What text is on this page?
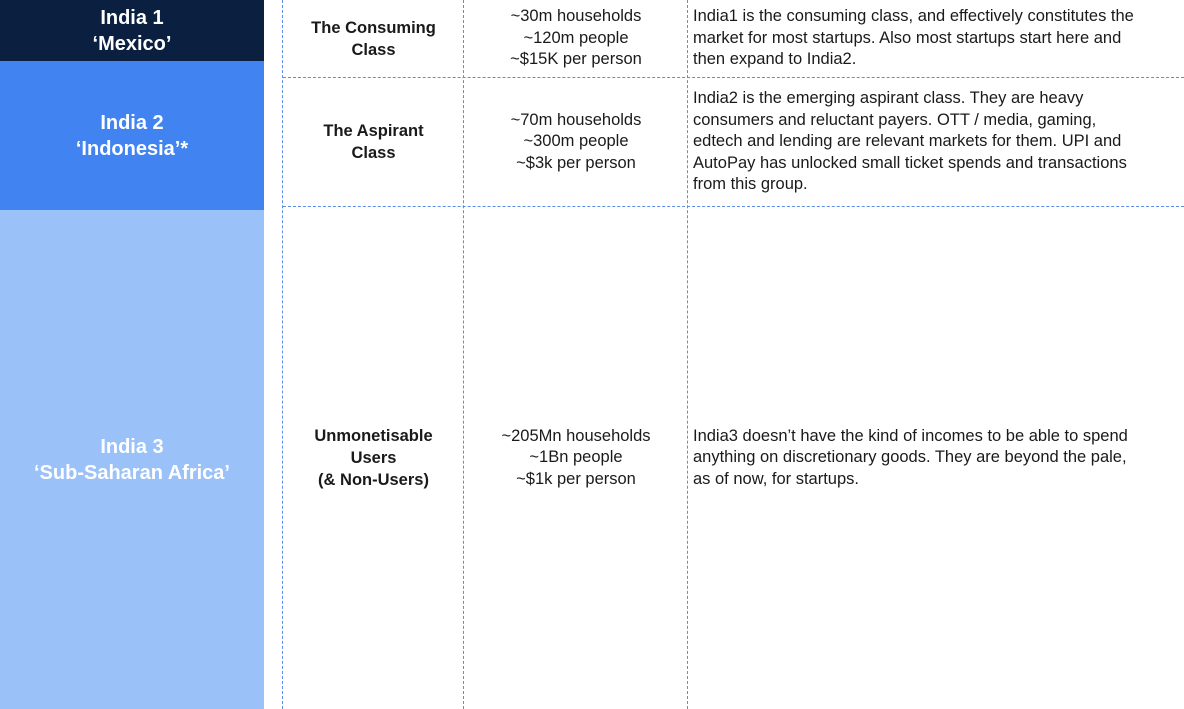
India 1
‘Mexico’
India 2
‘Indonesia’*
India 3
‘Sub-Saharan Africa’
The Consuming
Class
~30m households
~120m people
~$15K per person

India1 is the consuming class, and effectively constitutes the
market for most startups. Also most startups start here and
then expand to India2.

The Aspirant
Class
~70m households
~300m people
~$3k per person

India2 is the emerging aspirant class. They are heavy
consumers and reluctant payers. OTT / media, gaming,
edtech and lending are relevant markets for them. UPI and
AutoPay has unlocked small ticket spends and transactions
from this group.

Unmonetisable
Users
(& Non-Users)
~205Mn households
~1Bn people
~$1k per person

India3 doesn’t have the kind of incomes to be able to spend
anything on discretionary goods. They are beyond the pale,
as of now, for startups.
